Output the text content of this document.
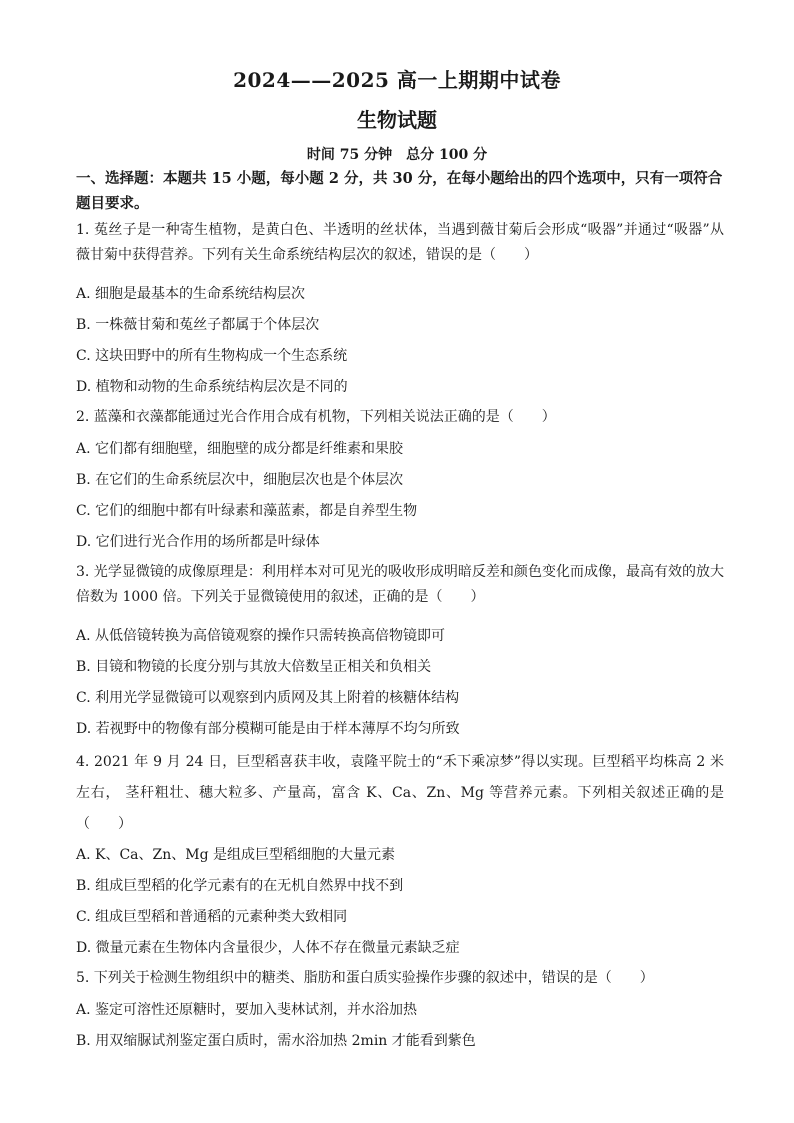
2024——2025 高一上期期中试卷
生物试题
时间 75 分钟　总分 100 分
一、选择题：本题共 15 小题，每小题 2 分，共 30 分，在每小题给出的四个选项中，只有一项符合题目要求。
1. 菟丝子是一种寄生植物，是黄白色、半透明的丝状体，当遇到薇甘菊后会形成“吸器”并通过“吸器”从薇甘菊中获得营养。下列有关生命系统结构层次的叙述，错误的是（　　）
A. 细胞是最基本的生命系统结构层次
B. 一株薇甘菊和菟丝子都属于个体层次
C. 这块田野中的所有生物构成一个生态系统
D. 植物和动物的生命系统结构层次是不同的
2. 蓝藻和衣藻都能通过光合作用合成有机物，下列相关说法正确的是（　　）
A. 它们都有细胞壁，细胞壁的成分都是纤维素和果胶
B. 在它们的生命系统层次中，细胞层次也是个体层次
C. 它们的细胞中都有叶绿素和藻蓝素，都是自养型生物
D. 它们进行光合作用的场所都是叶绿体
3. 光学显微镜的成像原理是：利用样本对可见光的吸收形成明暗反差和颜色变化而成像，最高有效的放大倍数为 1000 倍。下列关于显微镜使用的叙述，正确的是（　　）
A. 从低倍镜转换为高倍镜观察的操作只需转换高倍物镜即可
B. 目镜和物镜的长度分别与其放大倍数呈正相关和负相关
C. 利用光学显微镜可以观察到内质网及其上附着的核糖体结构
D. 若视野中的物像有部分模糊可能是由于样本薄厚不均匀所致
4. 2021 年 9 月 24 日，巨型稻喜获丰收，袁隆平院士的“禾下乘凉梦”得以实现。巨型稻平均株高 2 米左右， 茎秆粗壮、穗大粒多、产量高，富含 K、Ca、Zn、Mg 等营养元素。下列相关叙述正确的是（　　）
A. K、Ca、Zn、Mg 是组成巨型稻细胞的大量元素
B. 组成巨型稻的化学元素有的在无机自然界中找不到
C. 组成巨型稻和普通稻的元素种类大致相同
D. 微量元素在生物体内含量很少，人体不存在微量元素缺乏症
5. 下列关于检测生物组织中的糖类、脂肪和蛋白质实验操作步骤的叙述中，错误的是（　　）
A. 鉴定可溶性还原糖时，要加入斐林试剂，并水浴加热
B. 用双缩脲试剂鉴定蛋白质时，需水浴加热 2min 才能看到紫色
